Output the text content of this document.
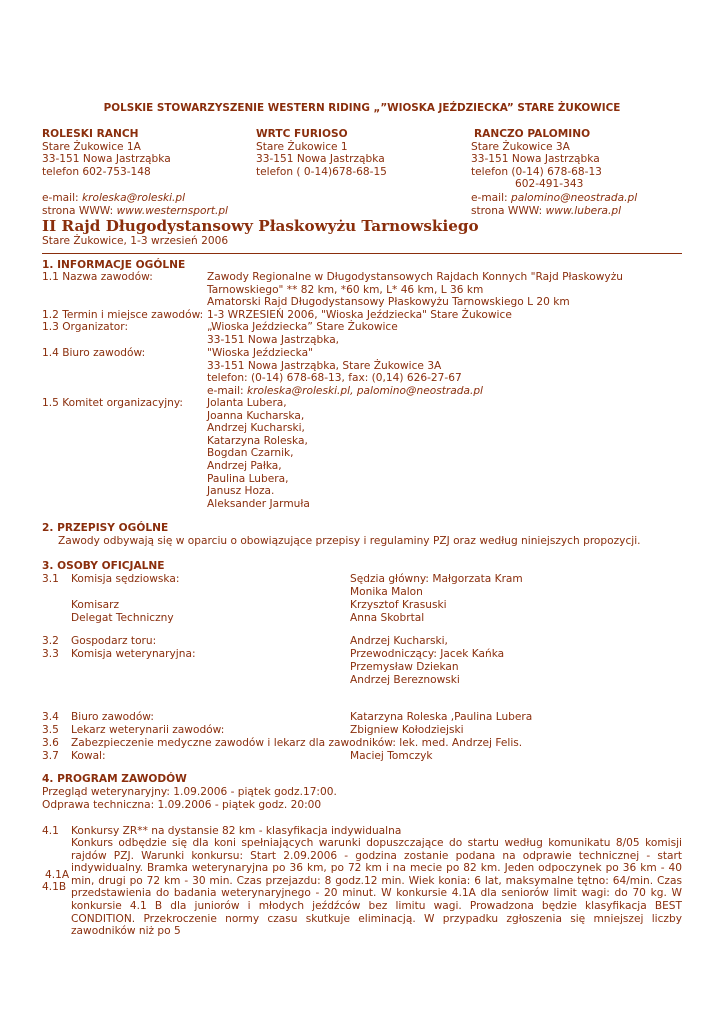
POLSKIE STOWARZYSZENIE WESTERN RIDING „”WIOSKA JEŹDZIECKA” STARE ŻUKOWICE
ROLESKI RANCH
Stare Żukowice 1A
33-151 Nowa Jastrząbka
telefon 602-753-148
WRTC FURIOSO
Stare Żukowice 1
33-151 Nowa Jastrząbka
telefon ( 0-14)678-68-15
RANCZO PALOMINO
Stare Żukowice 3A
33-151 Nowa Jastrząbka
telefon (0-14) 678-68-13
602-491-343
e-mail: kroleska@roleski.pl
strona WWW: www.westernsport.pl
e-mail: palomino@neostrada.pl
strona WWW: www.lubera.pl
II Rajd Długodystansowy Płaskowyżu Tarnowskiego
Stare Żukowice, 1-3 wrzesień 2006
1. INFORMACJE OGÓLNE
1.1 Nazwa zawodów:	Zawody Regionalne w Długodystansowych Rajdach Konnych "Rajd Płaskowyżu
Tarnowskiego" ** 82 km, *60 km, L* 46 km, L 36 km
Amatorski Rajd Długodystansowy Płaskowyżu Tarnowskiego L 20 km
1.2 Termin i miejsce zawodów: 1-3 WRZESIEŃ 2006, "Wioska Jeździecka" Stare Żukowice
1.3 Organizator:	„Wioska Jeździecka” Stare Żukowice
33-151 Nowa Jastrząbka,
1.4 Biuro zawodów:	"Wioska Jeździecka"
33-151 Nowa Jastrząbka, Stare Żukowice 3A
telefon: (0-14) 678-68-13, fax: (0,14) 626-27-67
e-mail: kroleska@roleski.pl, palomino@neostrada.pl
1.5 Komitet organizacyjny: Jolanta Lubera,
Joanna Kucharska,
Andrzej Kucharski,
Katarzyna Roleska,
Bogdan Czarnik,
Andrzej Pałka,
Paulina Lubera,
Janusz Hoza.
Aleksander Jarmuła
2. PRZEPISY OGÓLNE
Zawody odbywają się w oparciu o obowiązujące przepisy i regulaminy PZJ oraz według niniejszych propozycji.
3. OSOBY OFICJALNE
3.1 Komisja sędziowska:	Sędzia główny: Małgorzata Kram
Monika Malon
Komisarz	Krzysztof Krasuski
Delegat Techniczny	Anna Skobrtal
3.2 Gospodarz toru:	Andrzej Kucharski,
3.3 Komisja weterynaryjna:	Przewodniczący: Jacek Kańka
Przemysław Dziekan
Andrzej Bereznowski
3.4 Biuro zawodów:	Katarzyna Roleska ,Paulina Lubera
3.5 Lekarz weterynarii zawodów:	Zbigniew Kołodziejski
3.6 Zabezpieczenie medyczne zawodów i lekarz dla zawodników: lek. med. Andrzej Felis.
3.7 Kowal:	Maciej Tomczyk
4. PROGRAM ZAWODÓW
Przegląd weterynaryjny: 1.09.2006 - piątek godz.17:00.
Odprawa techniczna: 1.09.2006 - piątek godz. 20:00
4.1 Konkursy ZR** na dystansie 82 km - klasyfikacja indywidualna
4.1A
4.1B
Konkurs odbędzie się dla koni spełniających warunki dopuszczające do startu według komunikatu 8/05 komisji rajdów PZJ. Warunki konkursu: Start 2.09.2006 - godzina zostanie podana na odprawie technicznej - start indywidualny. Bramka weterynaryjna po 36 km, po 72 km i na mecie po 82 km. Jeden odpoczynek po 36 km - 40 min, drugi po 72 km - 30 min. Czas przejazdu: 8 godz.12 min. Wiek konia: 6 lat, maksymalne tętno: 64/min. Czas przedstawienia do badania weterynaryjnego - 20 minut. W konkursie 4.1A dla seniorów limit wagi: do 70 kg. W konkursie 4.1 B dla juniorów i młodych jeźdźców bez limitu wagi. Prowadzona będzie klasyfikacja BEST CONDITION. Przekroczenie normy czasu skutkuje eliminacją. W przypadku zgłoszenia się mniejszej liczby zawodników niż po 5
